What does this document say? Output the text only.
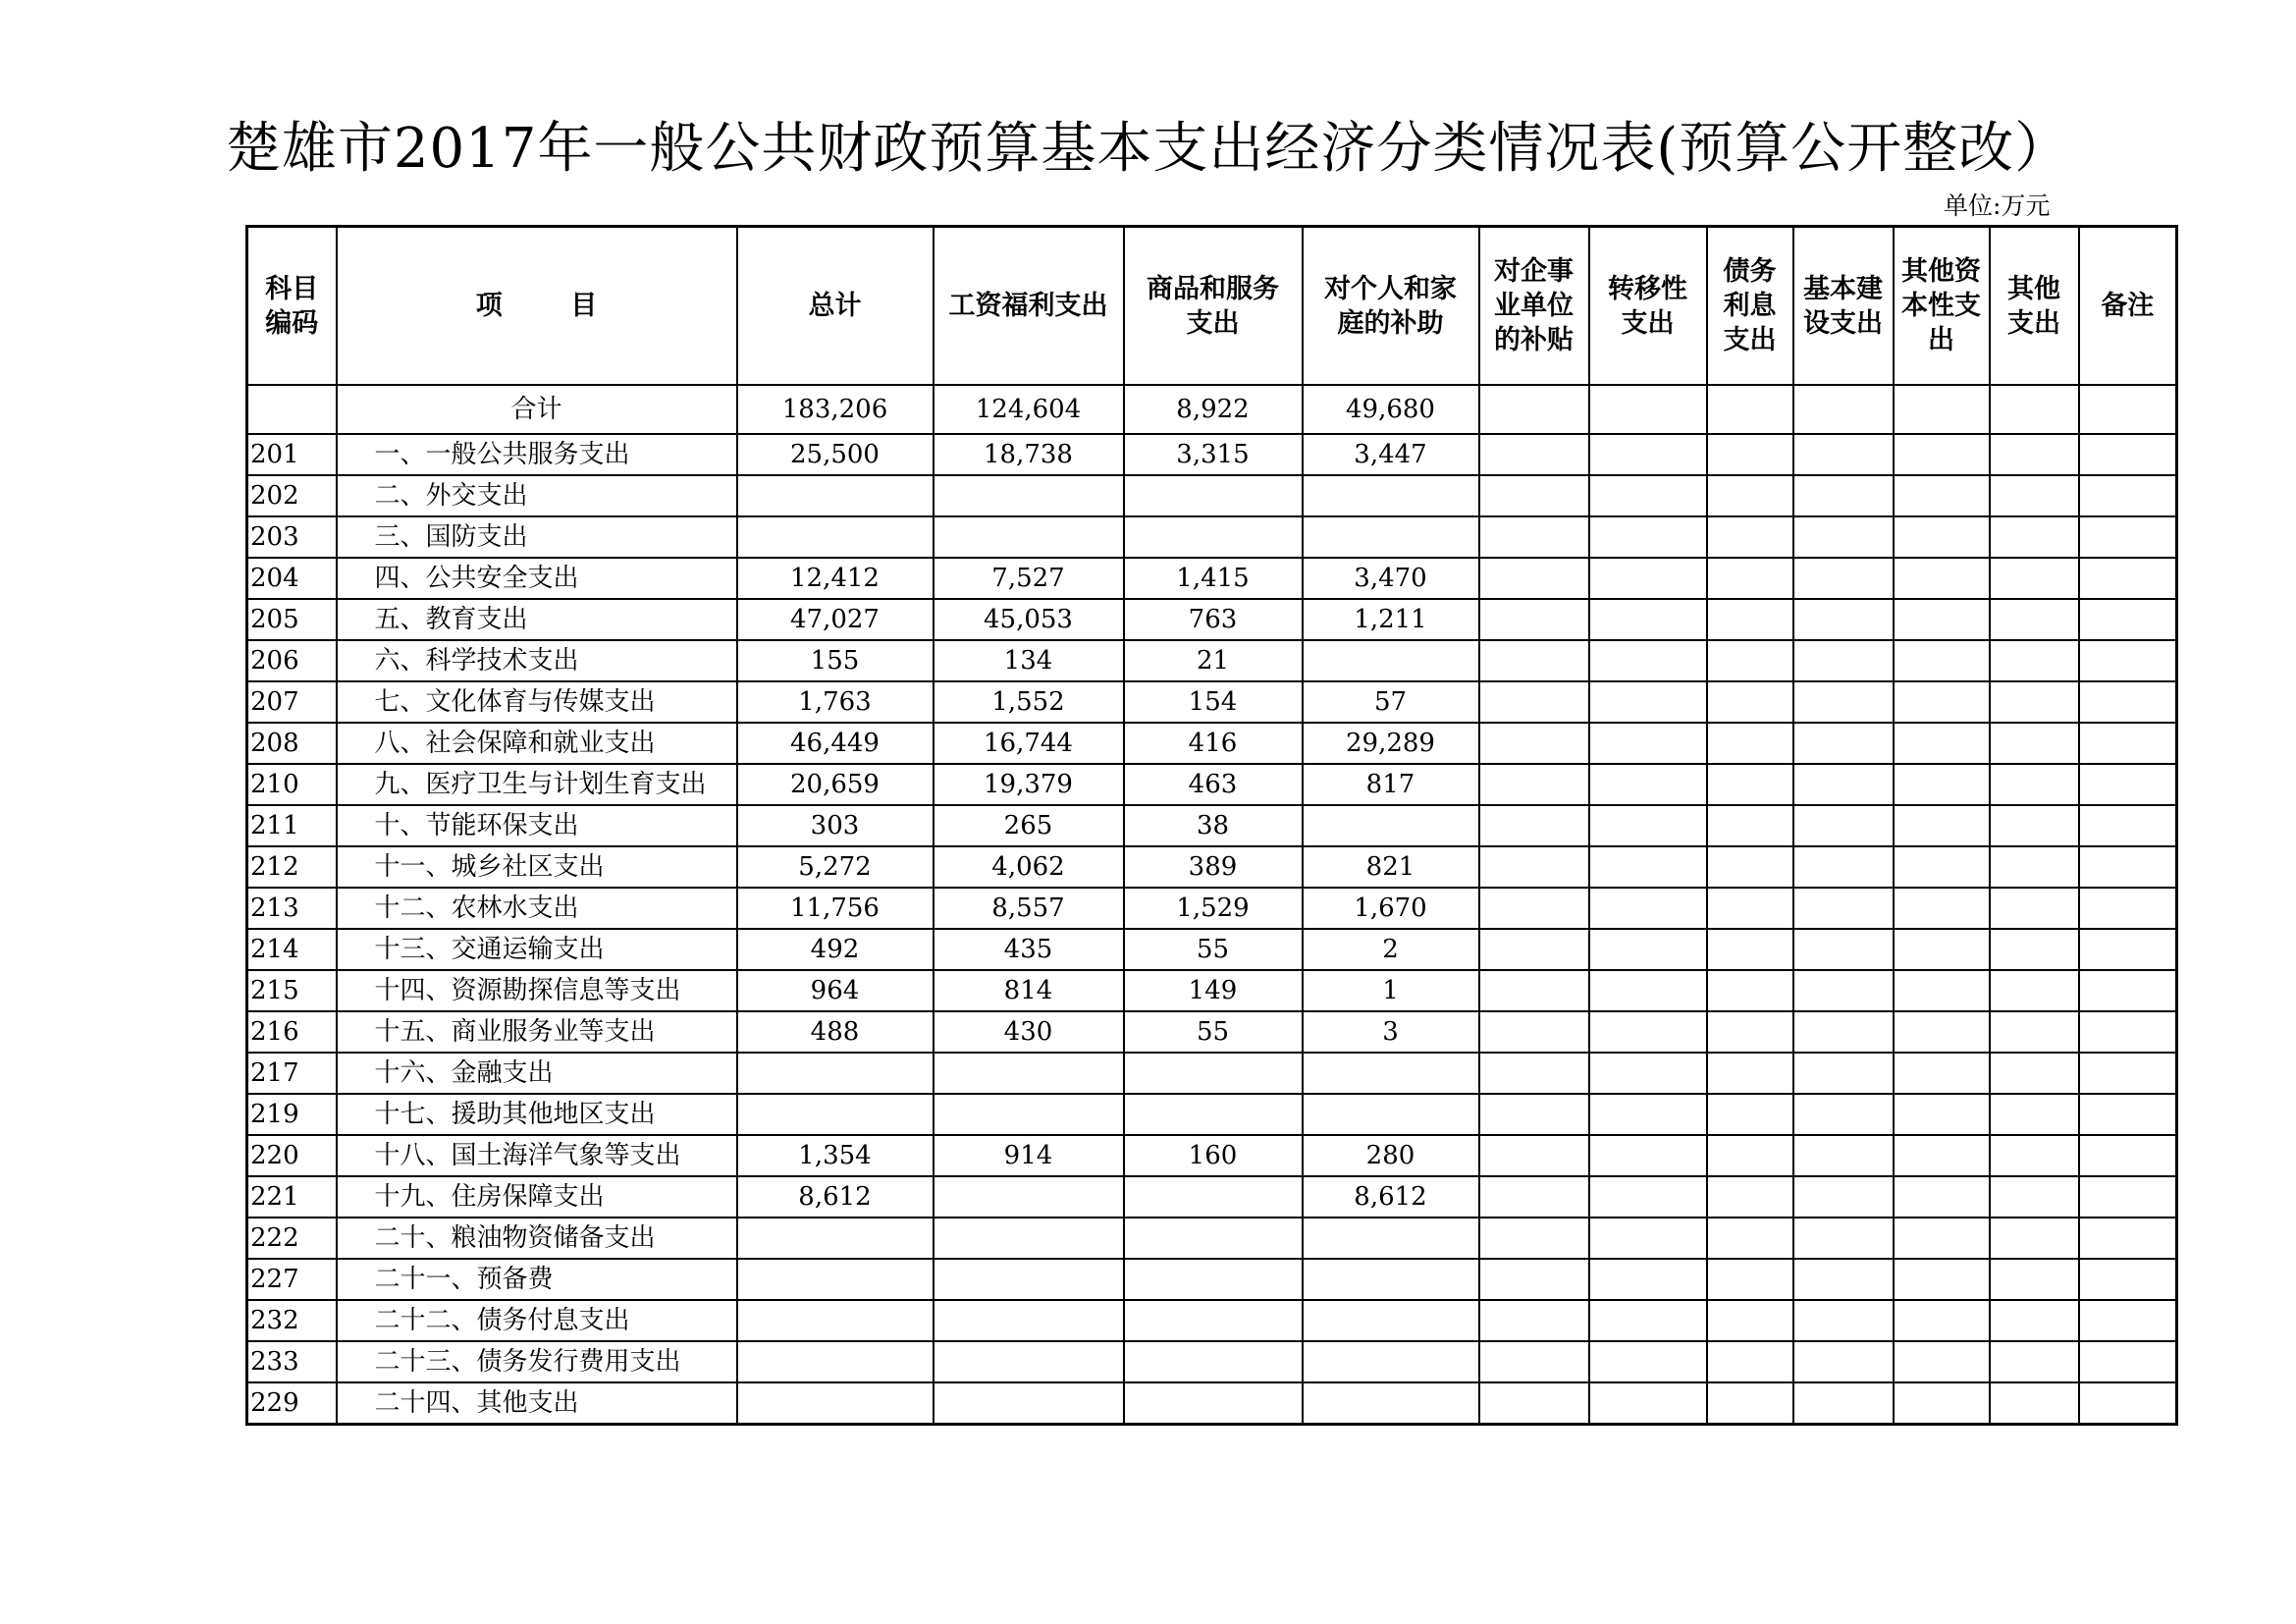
楚雄市2017年一般公共财政预算基本支出经济分类情况表(预算公开整改）
单位:万元
科目编码	项 目	总计	工资福利支出	商品和服务支出	对个人和家庭的补助	对企事业单位的补贴	转移性支出	债务利息支出	基本建设支出	其他资本性支出	其他支出	备注
	合计	183,206	124,604	8,922	49,680							
201	一、一般公共服务支出	25,500	18,738	3,315	3,447							
202	二、外交支出											
203	三、国防支出											
204	四、公共安全支出	12,412	7,527	1,415	3,470							
205	五、教育支出	47,027	45,053	763	1,211							
206	六、科学技术支出	155	134	21								
207	七、文化体育与传媒支出	1,763	1,552	154	57							
208	八、社会保障和就业支出	46,449	16,744	416	29,289							
210	九、医疗卫生与计划生育支出	20,659	19,379	463	817							
211	十、节能环保支出	303	265	38								
212	十一、城乡社区支出	5,272	4,062	389	821							
213	十二、农林水支出	11,756	8,557	1,529	1,670							
214	十三、交通运输支出	492	435	55	2							
215	十四、资源勘探信息等支出	964	814	149	1							
216	十五、商业服务业等支出	488	430	55	3							
217	十六、金融支出											
219	十七、援助其他地区支出											
220	十八、国土海洋气象等支出	1,354	914	160	280							
221	十九、住房保障支出	8,612			8,612							
222	二十、粮油物资储备支出											
227	二十一、预备费											
232	二十二、债务付息支出											
233	二十三、债务发行费用支出											
229	二十四、其他支出											
